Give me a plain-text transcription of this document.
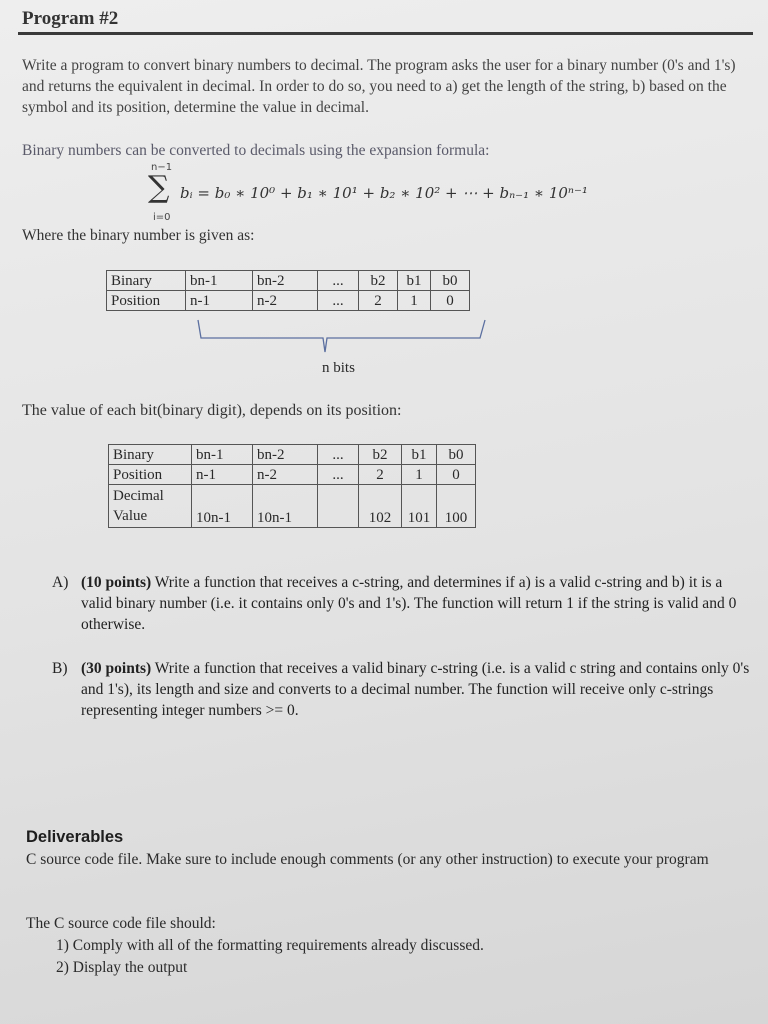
Program #2
Write a program to convert binary numbers to decimal. The program asks the user for a binary number (0's and 1's) and returns the equivalent in decimal. In order to do so, you need to a) get the length of the string, b) based on the symbol and its position, determine the value in decimal.
Binary numbers can be converted to decimals using the expansion formula:
n−1
∑
i=0
bᵢ = b₀ ∗ 10⁰ + b₁ ∗ 10¹ + b₂ ∗ 10² + ⋯ + bₙ₋₁ ∗ 10ⁿ⁻¹
Where the binary number is given as:
Binary	bn-1	bn-2	...	b2	b1	b0
Position	n-1	n-2	...	2	1	0
n bits
The value of each bit(binary digit), depends on its position:
Binary	bn-1	bn-2	...	b2	b1	b0
Position	n-1	n-2	...	2	1	0
Decimal Value	10n-1	10n-1		102	101	100
A) (10 points) Write a function that receives a c-string, and determines if a) is a valid c-string and b) it is a valid binary number (i.e. it contains only 0's and 1's). The function will return 1 if the string is valid and 0 otherwise.
B) (30 points) Write a function that receives a valid binary c-string (i.e. is a valid c string and contains only 0's and 1's), its length and size and converts to a decimal number. The function will receive only c-strings representing integer numbers >= 0.
Deliverables
C source code file. Make sure to include enough comments (or any other instruction) to execute your program
The C source code file should:
1) Comply with all of the formatting requirements already discussed.
2) Display the output
